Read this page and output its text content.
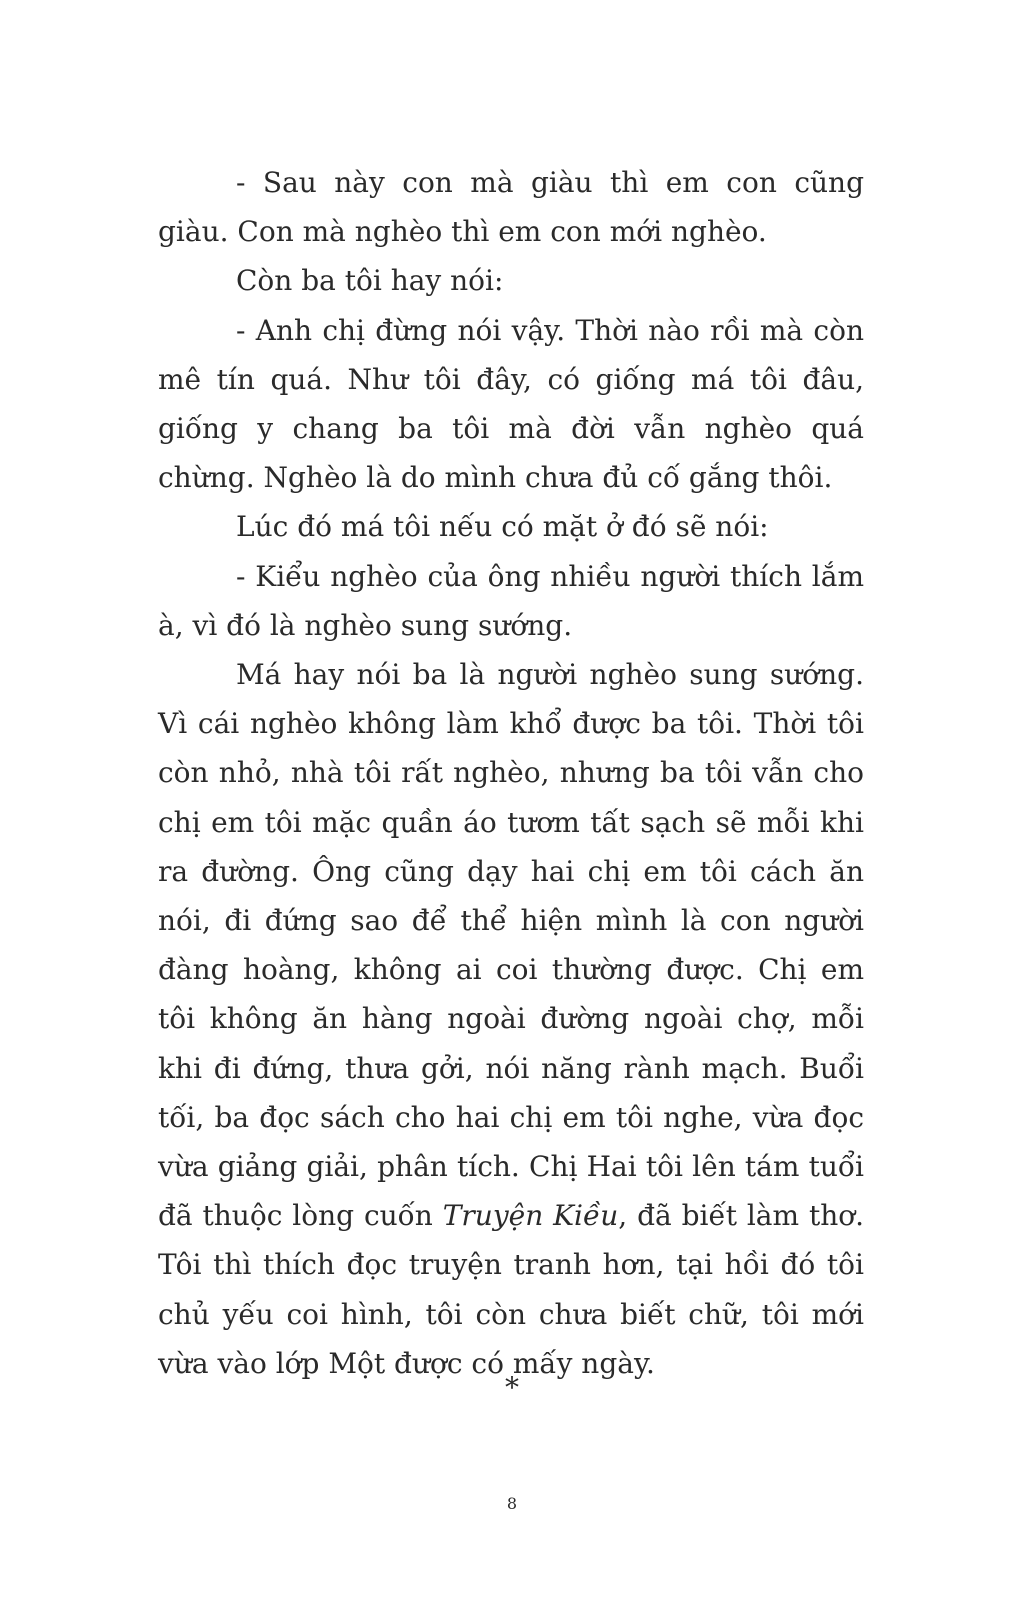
- Sau này con mà giàu thì em con cũng giàu. Con mà nghèo thì em con mới nghèo.

Còn ba tôi hay nói:

- Anh chị đừng nói vậy. Thời nào rồi mà còn mê tín quá. Như tôi đây, có giống má tôi đâu, giống y chang ba tôi mà đời vẫn nghèo quá chừng. Nghèo là do mình chưa đủ cố gắng thôi.

Lúc đó má tôi nếu có mặt ở đó sẽ nói:

- Kiểu nghèo của ông nhiều người thích lắm à, vì đó là nghèo sung sướng.

Má hay nói ba là người nghèo sung sướng. Vì cái nghèo không làm khổ được ba tôi. Thời tôi còn nhỏ, nhà tôi rất nghèo, nhưng ba tôi vẫn cho chị em tôi mặc quần áo tươm tất sạch sẽ mỗi khi ra đường. Ông cũng dạy hai chị em tôi cách ăn nói, đi đứng sao để thể hiện mình là con người đàng hoàng, không ai coi thường được. Chị em tôi không ăn hàng ngoài đường ngoài chợ, mỗi khi đi đứng, thưa gởi, nói năng rành mạch. Buổi tối, ba đọc sách cho hai chị em tôi nghe, vừa đọc vừa giảng giải, phân tích. Chị Hai tôi lên tám tuổi đã thuộc lòng cuốn Truyện Kiều, đã biết làm thơ. Tôi thì thích đọc truyện tranh hơn, tại hồi đó tôi chủ yếu coi hình, tôi còn chưa biết chữ, tôi mới vừa vào lớp Một được có mấy ngày.

*
8
